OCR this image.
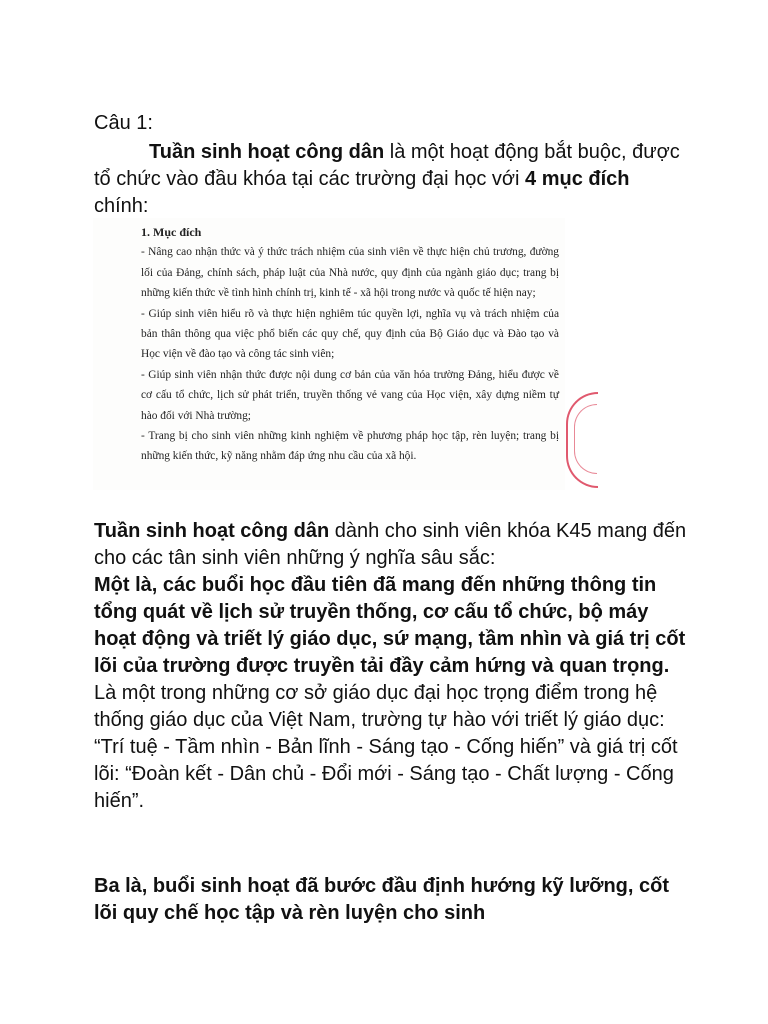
Câu 1:

Tuần sinh hoạt công dân là một hoạt động bắt buộc, được tổ chức vào đầu khóa tại các trường đại học với 4 mục đích chính:

1. Mục đích

- Nâng cao nhận thức và ý thức trách nhiệm của sinh viên về thực hiện chủ trương, đường lối của Đảng, chính sách, pháp luật của Nhà nước, quy định của ngành giáo dục; trang bị những kiến thức về tình hình chính trị, kinh tế - xã hội trong nước và quốc tế hiện nay;

- Giúp sinh viên hiểu rõ và thực hiện nghiêm túc quyền lợi, nghĩa vụ và trách nhiệm của bản thân thông qua việc phổ biến các quy chế, quy định của Bộ Giáo dục và Đào tạo và Học viện về đào tạo và công tác sinh viên;

- Giúp sinh viên nhận thức được nội dung cơ bản của văn hóa trường Đảng, hiểu được về cơ cấu tổ chức, lịch sử phát triển, truyền thống vẻ vang của Học viện, xây dựng niềm tự hào đối với Nhà trường;

- Trang bị cho sinh viên những kinh nghiệm về phương pháp học tập, rèn luyện; trang bị những kiến thức, kỹ năng nhằm đáp ứng nhu cầu của xã hội.

Tuần sinh hoạt công dân dành cho sinh viên khóa K45 mang đến cho các tân sinh viên những ý nghĩa sâu sắc:

Một là, các buổi học đầu tiên đã mang đến những thông tin tổng quát về lịch sử truyền thống, cơ cấu tổ chức, bộ máy hoạt động và triết lý giáo dục, sứ mạng, tầm nhìn và giá trị cốt lõi của trường được truyền tải đầy cảm hứng và quan trọng.

Là một trong những cơ sở giáo dục đại học trọng điểm trong hệ thống giáo dục của Việt Nam, trường tự hào với triết lý giáo dục: “Trí tuệ - Tầm nhìn - Bản lĩnh - Sáng tạo - Cống hiến” và giá trị cốt lõi: “Đoàn kết - Dân chủ - Đổi mới - Sáng tạo - Chất lượng - Cống hiến”.

Ba là, buổi sinh hoạt đã bước đầu định hướng kỹ lưỡng, cốt lõi quy chế học tập và rèn luyện cho sinh
